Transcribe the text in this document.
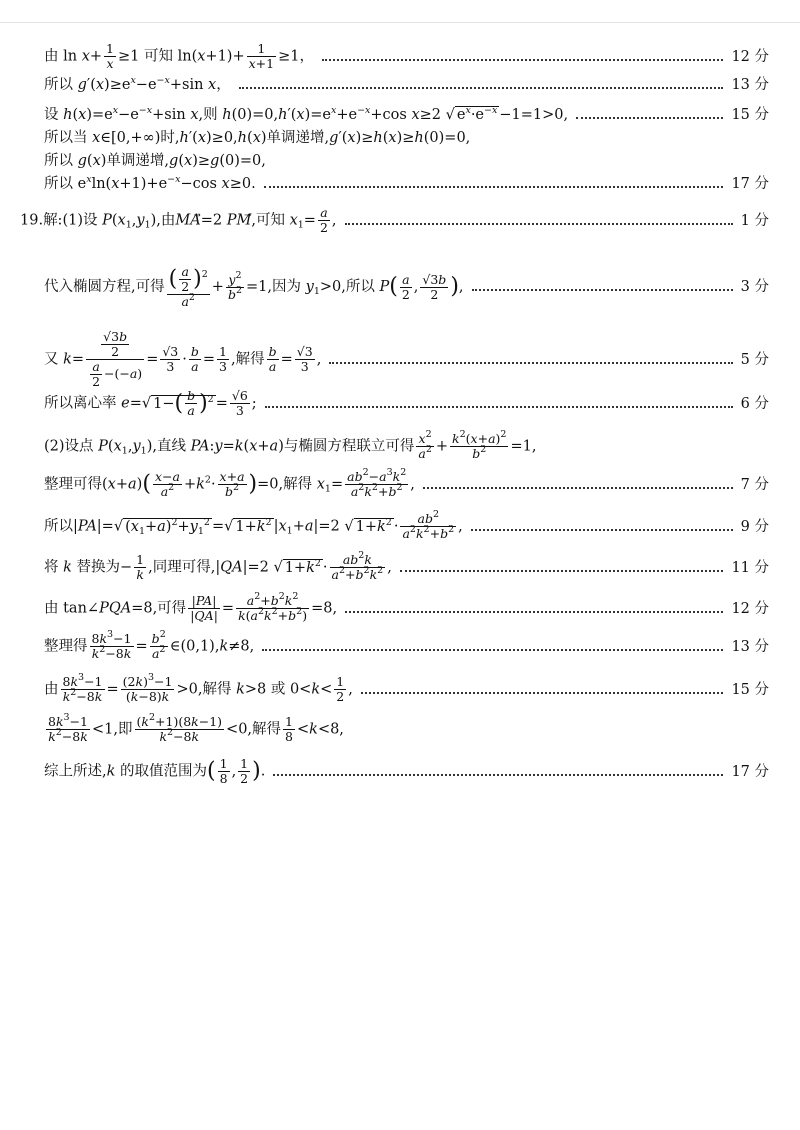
由 $\ln x+ \frac{1}{x} \ge 1$ 可知 $\ln(x+1)+ \frac{1}{x+1} \ge 1$，	12 分
所以 $g'(x)\ge e^x-e^{-x}+\sin$ x，	13 分
设 $h(x)=e^x-e^{-x}+\sin$ x,则 $h(0)=0,h'(x)=e^x+e^{-x}+\cos$ x≥2 √ $e^x\cdot e^{-x} -1=1>0$,	15 分
所以当 x∈[0,+∞)时,h′(x)≥0,h(x)单调递增,g′(x)≥h(x)≥h(0)=0,
所以 g(x)单调递增,g(x)≥g(0)=0,
所以 $e^x\ln(x+1)+e^{-x}-\cos$ x≥0.	17 分
19.解:(1)设 $P(x_1,y_1)$,由MA⃗=2 PM⃗,可知 $x_1= \frac{a}{2}$ ,	1 分
代入椭圆方程,可得 $\frac{( \frac{a}{2} )^2}{a^2} + \frac{y^2}{b^2} =1$,因为 $y_1>0$,所以 $P( \frac{a}{2}$ , $\frac{√3b}{2}$ ),	3 分
又 $k= \frac{\frac{√3b}{2}}{\frac{a}{2} -(-a)} = \frac{√3}{3} \cdot \frac{b}{a} = \frac{1}{3}$ ,解得 $\frac{b}{a} = \frac{√3}{3}$ ,	5 分
所以离心率 e=√ $1-( \frac{b}{a} )^2 = \frac{√6}{3}$ ;	6 分
(2)设点 $P(x_1,y_1)$,直线 PA:y=k(x+a)与椭圆方程联立可得 $\frac{x^2}{a^2} + \frac{k^2(x+a)^2}{b^2} =1$,
整理可得$(x+a)( \frac{x-a}{a^2} +k^2\cdot \frac{x+a}{b^2} )=0$,解得 $x_1= \frac{ab^2-a^3k^2}{a^2k^2+b^2}$ ,	7 分
所以|PA|=√ $(x_1+a)^2+y_1^2$ =√ $1+k^2$ $|x_1+a|=2$ √ $1+k^2 \cdot \frac{ab^2}{a^2k^2+b^2}$ ,	9 分
将 k 替换为− $\frac{1}{k}$ ,同理可得,|QA|=2 √ $1+k^2 \cdot \frac{ab^2k}{a^2+b^2k^2}$ ,	11 分
由 tan∠PQA=8,可得 $\frac{|PA|}{|QA|} = \frac{a^2+b^2k^2}{k(a^2k^2+b^2)} =8$,	12 分
整理得 $\frac{8k^3-1}{k^2-8k} = \frac{b^2}{a^2}$ ∈(0,1),k≠8,	13 分
由 $\frac{8k^3-1}{k^2-8k} = \frac{(2k)^3-1}{(k-8)k} >0$,解得 k>8 或 $0<k< \frac{1}{2}$ ,	15 分
$\frac{8k^3-1}{k^2-8k} <1$,即 $\frac{(k^2+1)(8k-1)}{k^2-8k} <0$,解得 $\frac{1}{8} <k<8$,
综上所述,k 的取值范围为( $\frac{1}{8}$ , $\frac{1}{2}$ ).	17 分
